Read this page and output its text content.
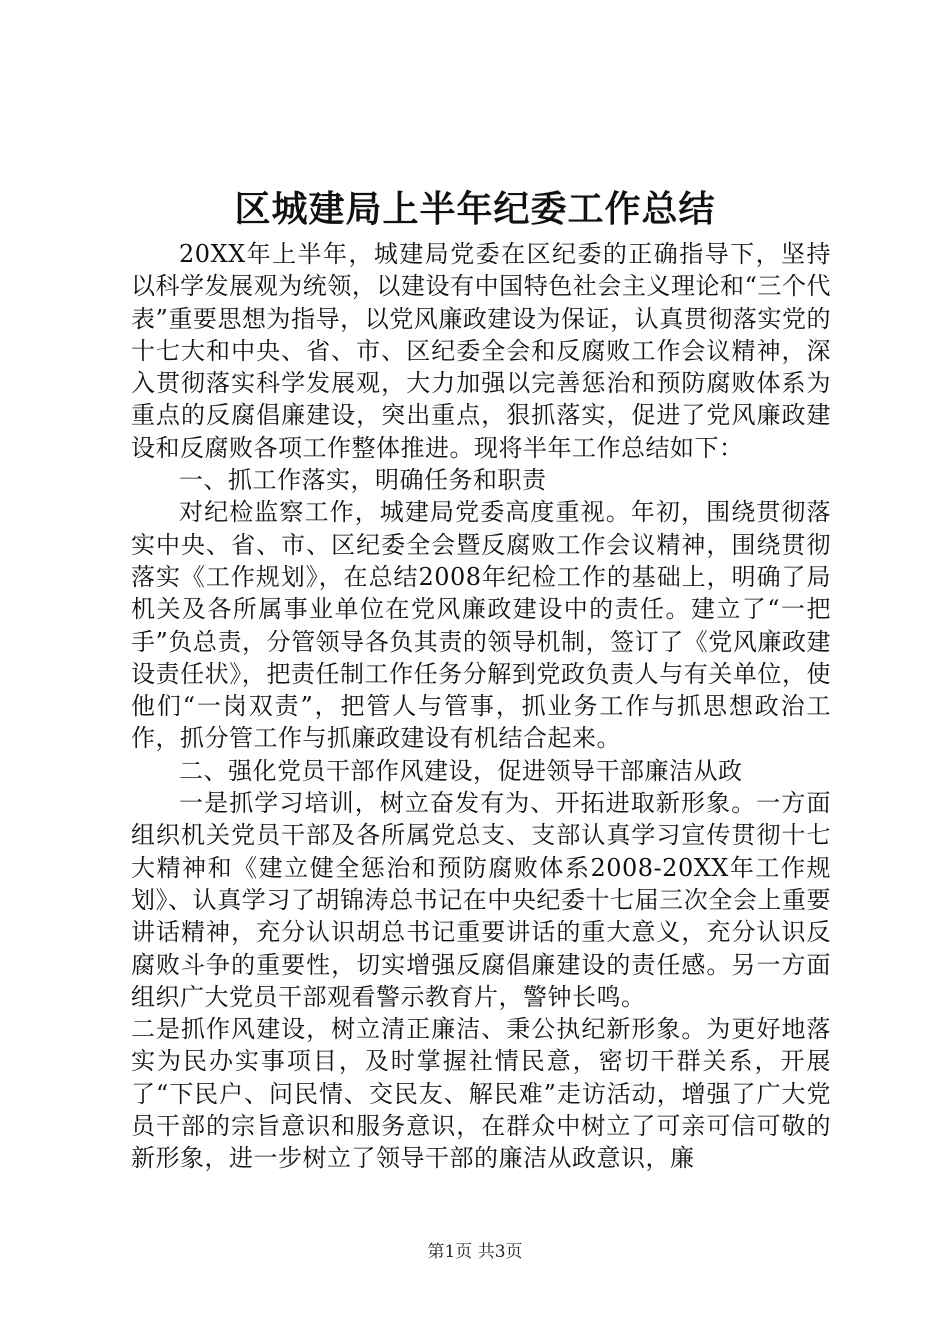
区城建局上半年纪委工作总结

20XX年上半年，城建局党委在区纪委的正确指导下，坚持以科学发展观为统领，以建设有中国特色社会主义理论和“三个代表”重要思想为指导，以党风廉政建设为保证，认真贯彻落实党的十七大和中央、省、市、区纪委全会和反腐败工作会议精神，深入贯彻落实科学发展观，大力加强以完善惩治和预防腐败体系为重点的反腐倡廉建设，突出重点，狠抓落实，促进了党风廉政建设和反腐败各项工作整体推进。现将半年工作总结如下：

一、抓工作落实，明确任务和职责

对纪检监察工作，城建局党委高度重视。年初，围绕贯彻落实中央、省、市、区纪委全会暨反腐败工作会议精神，围绕贯彻落实《工作规划》，在总结2008年纪检工作的基础上，明确了局机关及各所属事业单位在党风廉政建设中的责任。建立了“一把手”负总责，分管领导各负其责的领导机制，签订了《党风廉政建设责任状》，把责任制工作任务分解到党政负责人与有关单位，使他们“一岗双责”，把管人与管事，抓业务工作与抓思想政治工作，抓分管工作与抓廉政建设有机结合起来。

二、强化党员干部作风建设，促进领导干部廉洁从政

一是抓学习培训，树立奋发有为、开拓进取新形象。一方面组织机关党员干部及各所属党总支、支部认真学习宣传贯彻十七大精神和《建立健全惩治和预防腐败体系2008-20XX年工作规划》、认真学习了胡锦涛总书记在中央纪委十七届三次全会上重要讲话精神，充分认识胡总书记重要讲话的重大意义，充分认识反腐败斗争的重要性，切实增强反腐倡廉建设的责任感。另一方面组织广大党员干部观看警示教育片，警钟长鸣。

二是抓作风建设，树立清正廉洁、秉公执纪新形象。为更好地落实为民办实事项目，及时掌握社情民意，密切干群关系，开展了“下民户、问民情、交民友、解民难”走访活动，增强了广大党员干部的宗旨意识和服务意识，在群众中树立了可亲可信可敬的新形象，进一步树立了领导干部的廉洁从政意识，廉

第1页 共3页
